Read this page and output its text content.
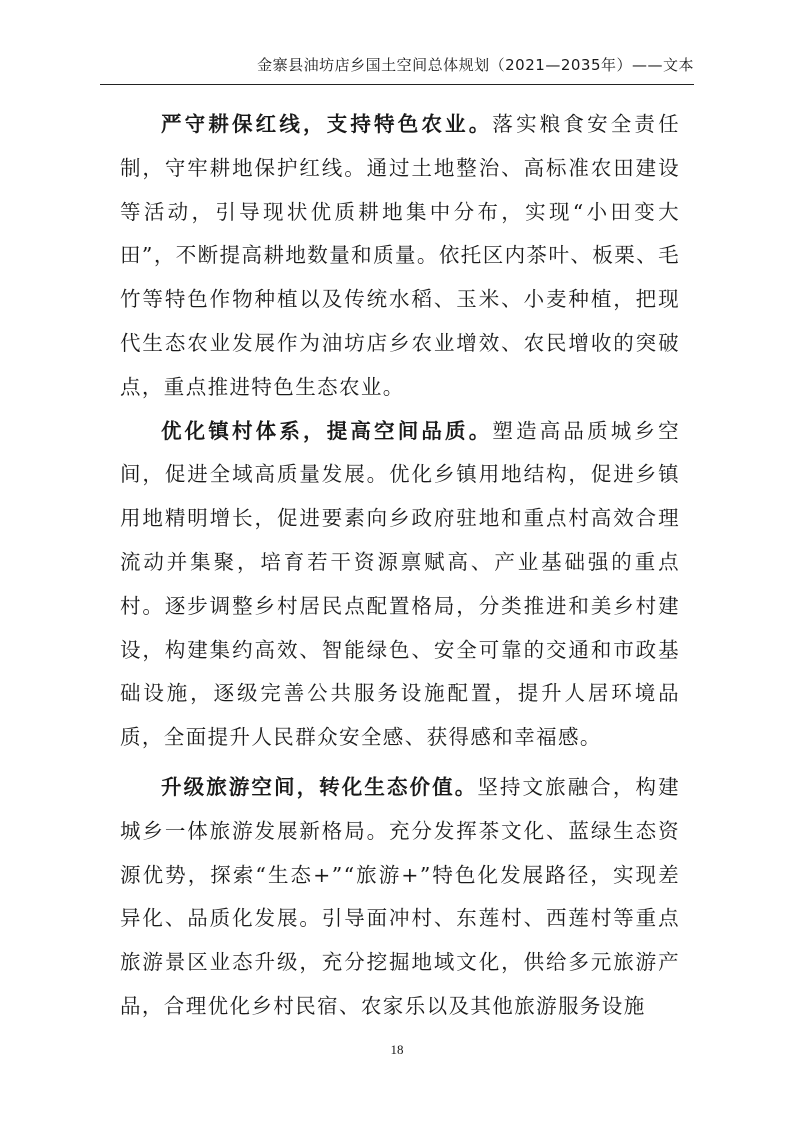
金寨县油坊店乡国土空间总体规划（2021—2035年）——文本

严守耕保红线，支持特色农业。落实粮食安全责任制，守牢耕地保护红线。通过土地整治、高标准农田建设等活动，引导现状优质耕地集中分布，实现“小田变大田”，不断提高耕地数量和质量。依托区内茶叶、板栗、毛竹等特色作物种植以及传统水稻、玉米、小麦种植，把现代生态农业发展作为油坊店乡农业增效、农民增收的突破点，重点推进特色生态农业。

优化镇村体系，提高空间品质。塑造高品质城乡空间，促进全域高质量发展。优化乡镇用地结构，促进乡镇用地精明增长，促进要素向乡政府驻地和重点村高效合理流动并集聚，培育若干资源禀赋高、产业基础强的重点村。逐步调整乡村居民点配置格局，分类推进和美乡村建设，构建集约高效、智能绿色、安全可靠的交通和市政基础设施，逐级完善公共服务设施配置，提升人居环境品质，全面提升人民群众安全感、获得感和幸福感。

升级旅游空间，转化生态价值。坚持文旅融合，构建城乡一体旅游发展新格局。充分发挥茶文化、蓝绿生态资源优势，探索“生态+”“旅游+”特色化发展路径，实现差异化、品质化发展。引导面冲村、东莲村、西莲村等重点旅游景区业态升级，充分挖掘地域文化，供给多元旅游产品，合理优化乡村民宿、农家乐以及其他旅游服务设施

18
